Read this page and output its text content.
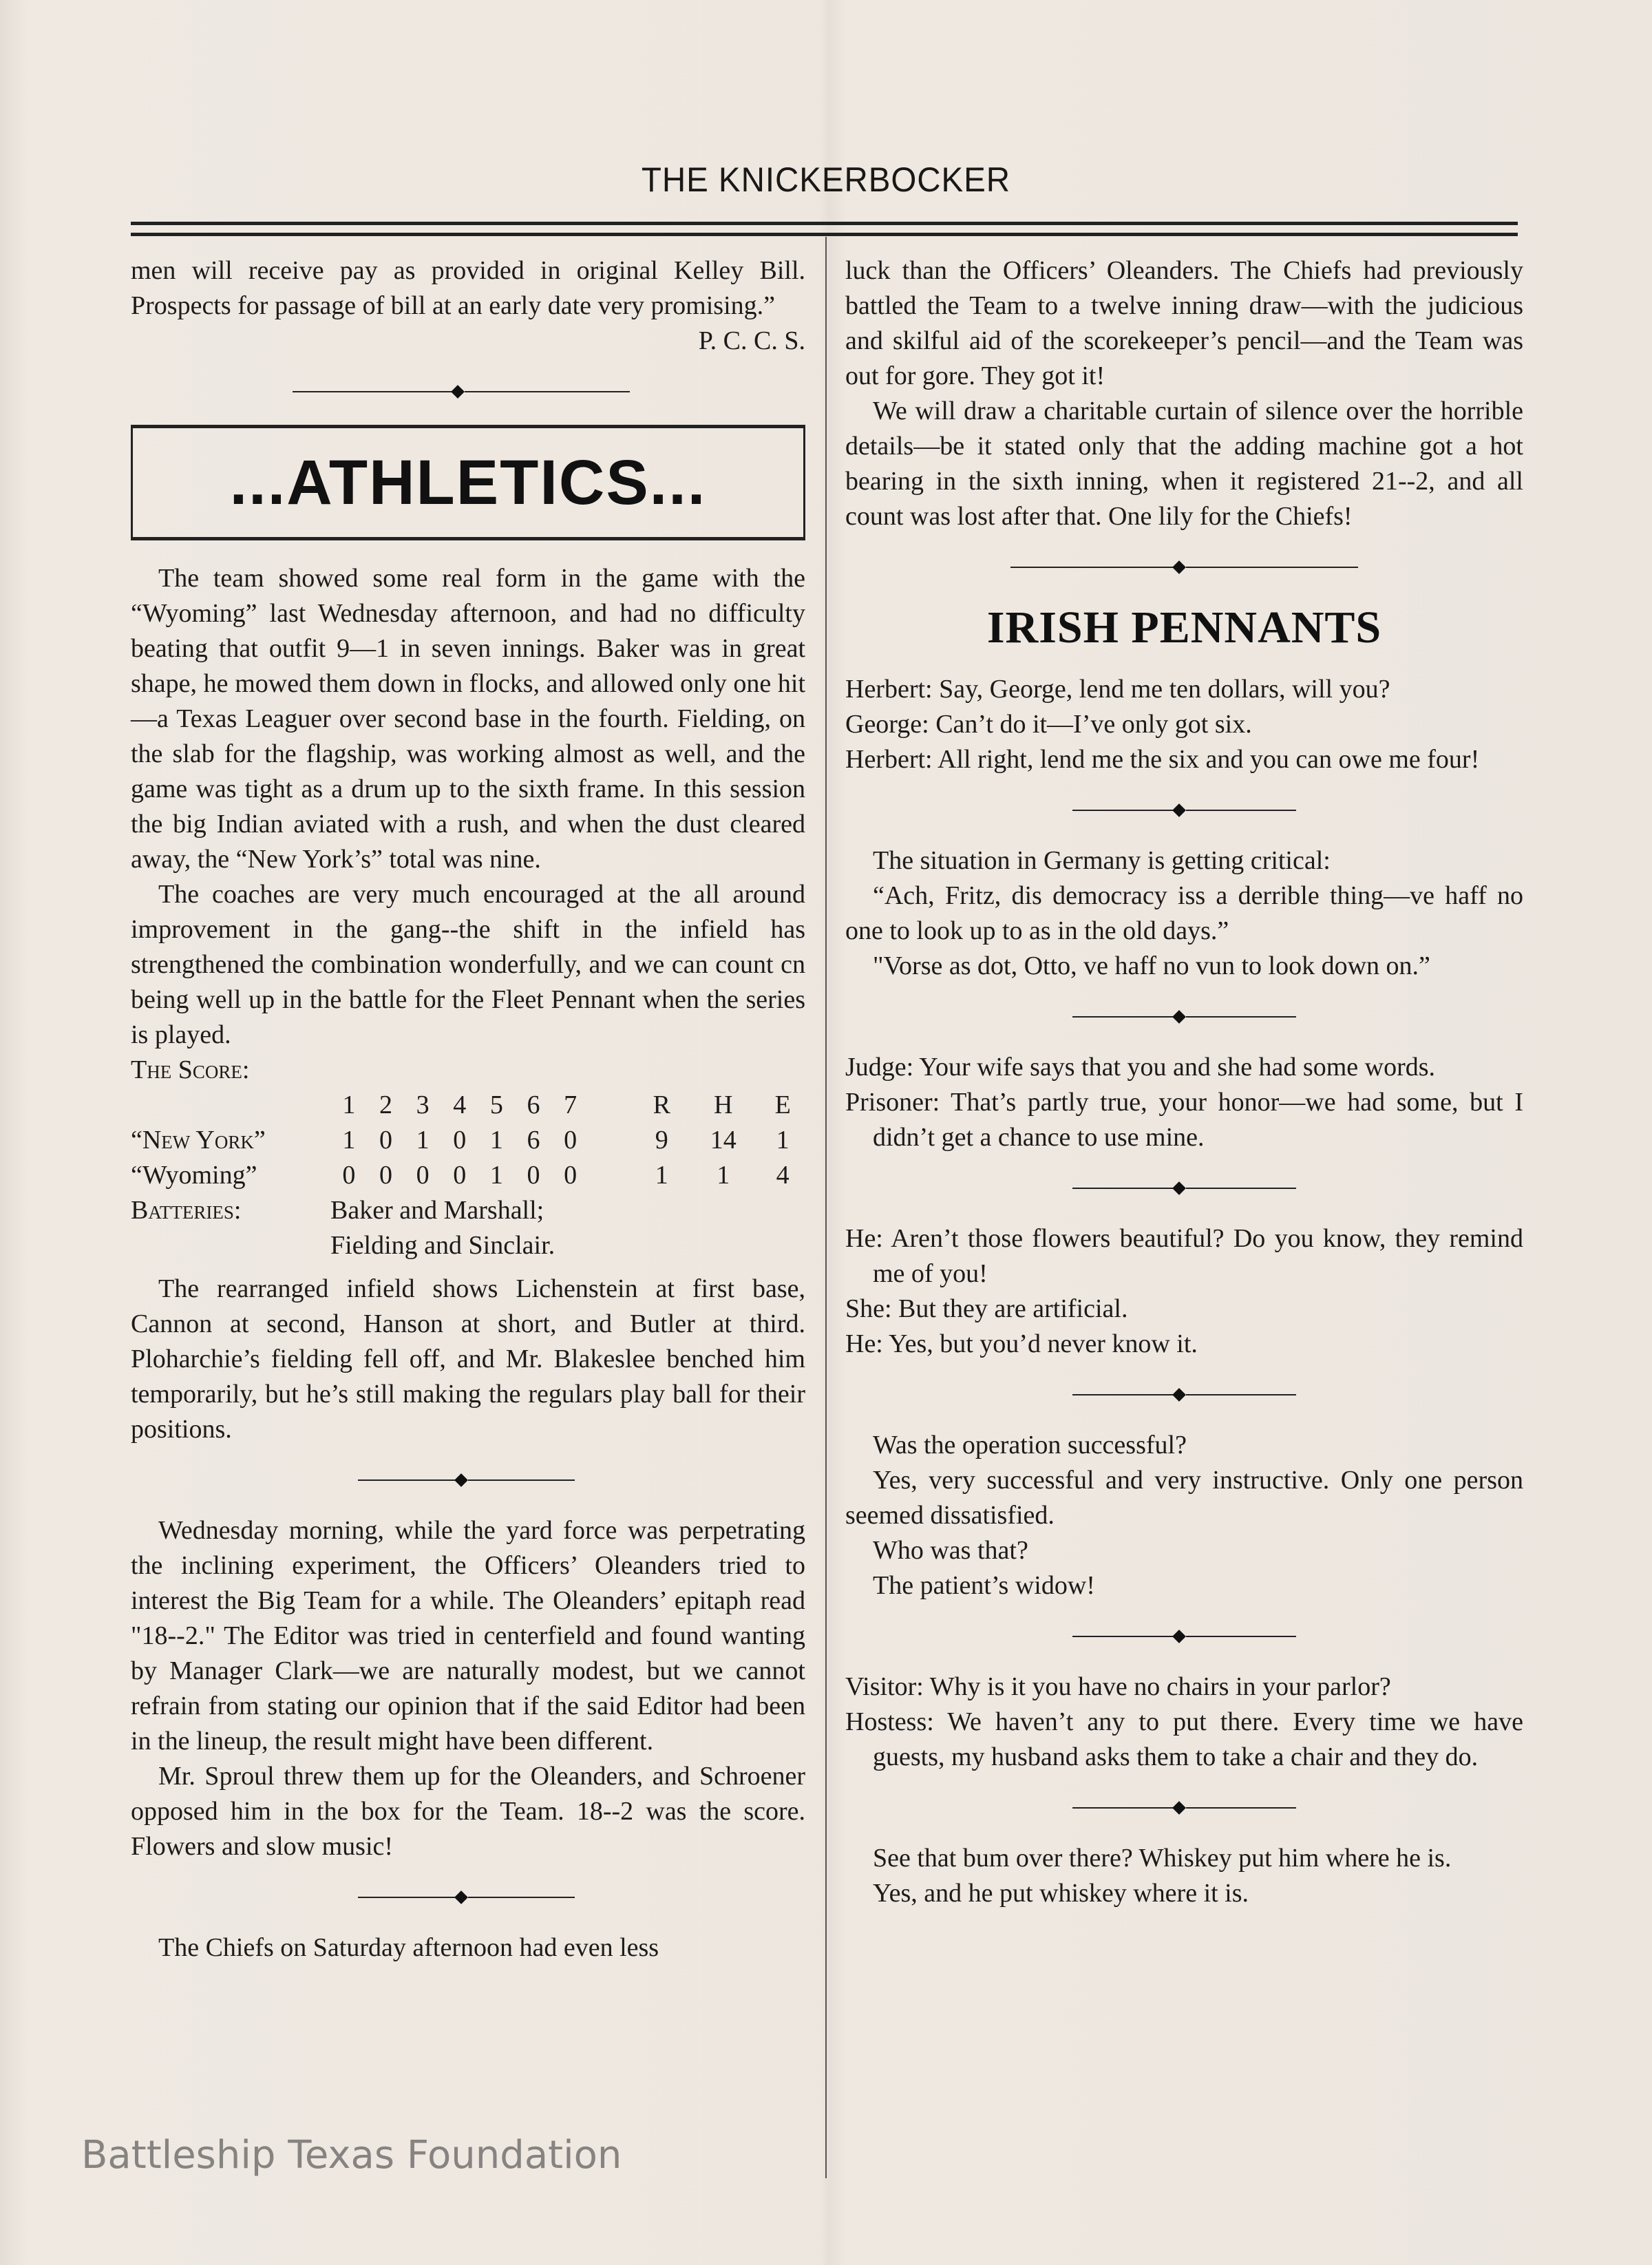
THE KNICKERBOCKER

men will receive pay as provided in original Kelley Bill. Prospects for passage of bill at an early date very promising.”

P. C. C. S.

...ATHLETICS...

The team showed some real form in the game with the “Wyoming” last Wednesday afternoon, and had no difficulty beating that outfit 9—1 in seven innings. Baker was in great shape, he mowed them down in flocks, and allowed only one hit—a Texas Leaguer over second base in the fourth. Fielding, on the slab for the flagship, was working almost as well, and the game was tight as a drum up to the sixth frame. In this session the big Indian aviated with a rush, and when the dust cleared away, the “New York’s” total was nine.

The coaches are very much encouraged at the all around improvement in the gang--the shift in the infield has strengthened the combination wonderfully, and we can count cn being well up in the battle for the Fleet Pennant when the series is played.

The Score:
	1	2	3	4	5	6	7		R	H	E
“New York”	1	0	1	0	1	6	0		9	14	1
“Wyoming”	0	0	0	0	1	0	0		1	1	4
Batteries:	Baker and Marshall;
Fielding and Sinclair.

The rearranged infield shows Lichenstein at first base, Cannon at second, Hanson at short, and Butler at third. Ploharchie’s fielding fell off, and Mr. Blakeslee benched him temporarily, but he’s still making the regulars play ball for their positions.

Wednesday morning, while the yard force was perpetrating the inclining experiment, the Officers’ Oleanders tried to interest the Big Team for a while. The Oleanders’ epitaph read "18--2." The Editor was tried in centerfield and found wanting by Manager Clark—we are naturally modest, but we cannot refrain from stating our opinion that if the said Editor had been in the lineup, the result might have been different.

Mr. Sproul threw them up for the Oleanders, and Schroener opposed him in the box for the Team. 18--2 was the score. Flowers and slow music!

The Chiefs on Saturday afternoon had even less

luck than the Officers’ Oleanders. The Chiefs had previously battled the Team to a twelve inning draw—with the judicious and skilful aid of the scorekeeper’s pencil—and the Team was out for gore. They got it!

We will draw a charitable curtain of silence over the horrible details—be it stated only that the adding machine got a hot bearing in the sixth inning, when it registered 21--2, and all count was lost after that. One lily for the Chiefs!

IRISH PENNANTS

Herbert: Say, George, lend me ten dollars, will you?

George: Can’t do it—I’ve only got six.

Herbert: All right, lend me the six and you can owe me four!

The situation in Germany is getting critical:

“Ach, Fritz, dis democracy iss a derrible thing—ve haff no one to look up to as in the old days.”

"Vorse as dot, Otto, ve haff no vun to look down on.”

Judge: Your wife says that you and she had some words.

Prisoner: That’s partly true, your honor—we had some, but I didn’t get a chance to use mine.

He: Aren’t those flowers beautiful? Do you know, they remind me of you!

She: But they are artificial.

He: Yes, but you’d never know it.

Was the operation successful?

Yes, very successful and very instructive. Only one person seemed dissatisfied.

Who was that?

The patient’s widow!

Visitor: Why is it you have no chairs in your parlor?

Hostess: We haven’t any to put there. Every time we have guests, my husband asks them to take a chair and they do.

See that bum over there? Whiskey put him where he is.

Yes, and he put whiskey where it is.

Battleship Texas Foundation
